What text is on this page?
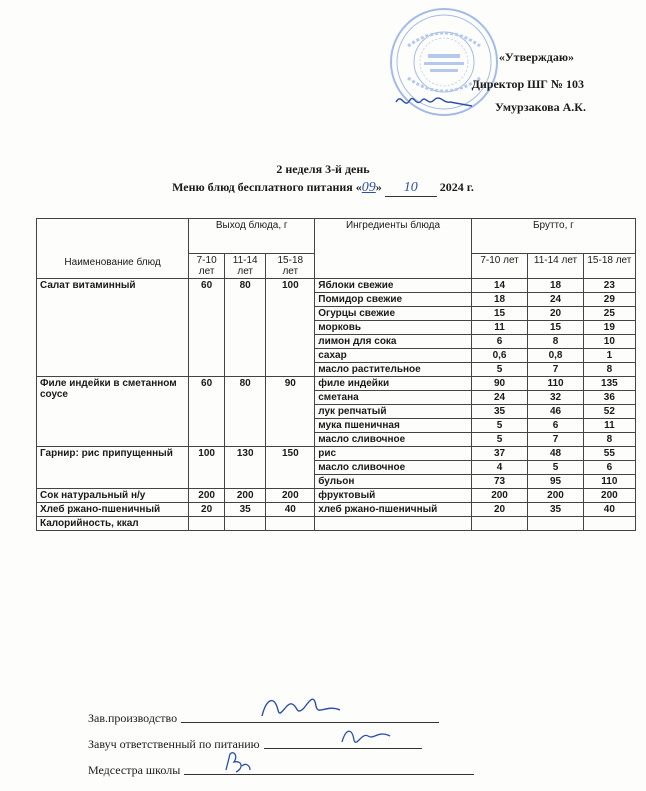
«Утверждаю»
Директор ШГ № 103
Умурзакова А.К.
2 неделя 3-й день
Меню блюд бесплатного питания «09» 10 2024 г.
Наименование блюд	Выход блюда, г			Ингредиенты блюда	Брутто, г		
	7-10 лет	11-14 лет	15-18 лет		7-10 лет	11-14 лет	15-18 лет
Салат витаминный	60	80	100	Яблоки свежие	14	18	23
				Помидор свежие	18	24	29
				Огурцы свежие	15	20	25
				морковь	11	15	19
				лимон для сока	6	8	10
				сахар	0,6	0,8	1
				масло растительное	5	7	8
Филе индейки в сметанном соусе	60	80	90	филе индейки	90	110	135
				сметана	24	32	36
				лук репчатый	35	46	52
				мука пшеничная	5	6	11
				масло сливочное	5	7	8
Гарнир: рис припущенный	100	130	150	рис	37	48	55
				масло сливочное	4	5	6
				бульон	73	95	110
Сок натуральный н/у	200	200	200	фруктовый	200	200	200
Хлеб ржано-пшеничный	20	35	40	хлеб ржано-пшеничный	20	35	40
Калорийность, ккал							
Зав.производство
Завуч ответственный по питанию
Медсестра школы
